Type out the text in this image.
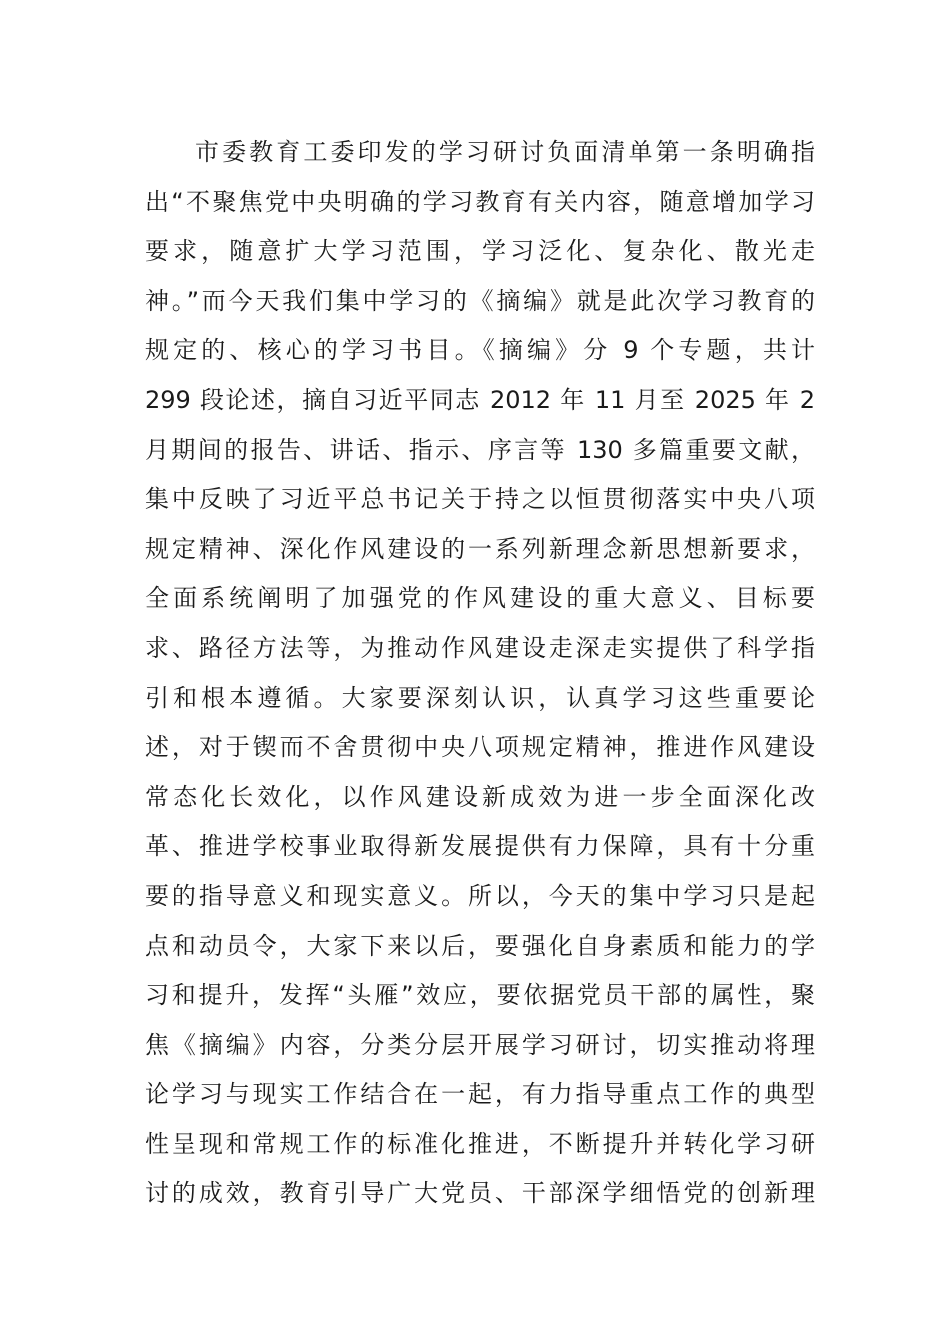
市委教育工委印发的学习研讨负面清单第一条明确指
出“不聚焦党中央明确的学习教育有关内容，随意增加学习
要求，随意扩大学习范围，学习泛化、复杂化、散光走
神。”而今天我们集中学习的《摘编》就是此次学习教育的
规定的、核心的学习书目。《摘编》分 9 个专题，共计
299 段论述，摘自习近平同志 2012 年 11 月至 2025 年 2
月期间的报告、讲话、指示、序言等 130 多篇重要文献，
集中反映了习近平总书记关于持之以恒贯彻落实中央八项
规定精神、深化作风建设的一系列新理念新思想新要求，
全面系统阐明了加强党的作风建设的重大意义、目标要
求、路径方法等，为推动作风建设走深走实提供了科学指
引和根本遵循。大家要深刻认识，认真学习这些重要论
述，对于锲而不舍贯彻中央八项规定精神，推进作风建设
常态化长效化，以作风建设新成效为进一步全面深化改
革、推进学校事业取得新发展提供有力保障，具有十分重
要的指导意义和现实意义。所以，今天的集中学习只是起
点和动员令，大家下来以后，要强化自身素质和能力的学
习和提升，发挥“头雁”效应，要依据党员干部的属性，聚
焦《摘编》内容，分类分层开展学习研讨，切实推动将理
论学习与现实工作结合在一起，有力指导重点工作的典型
性呈现和常规工作的标准化推进，不断提升并转化学习研
讨的成效，教育引导广大党员、干部深学细悟党的创新理
